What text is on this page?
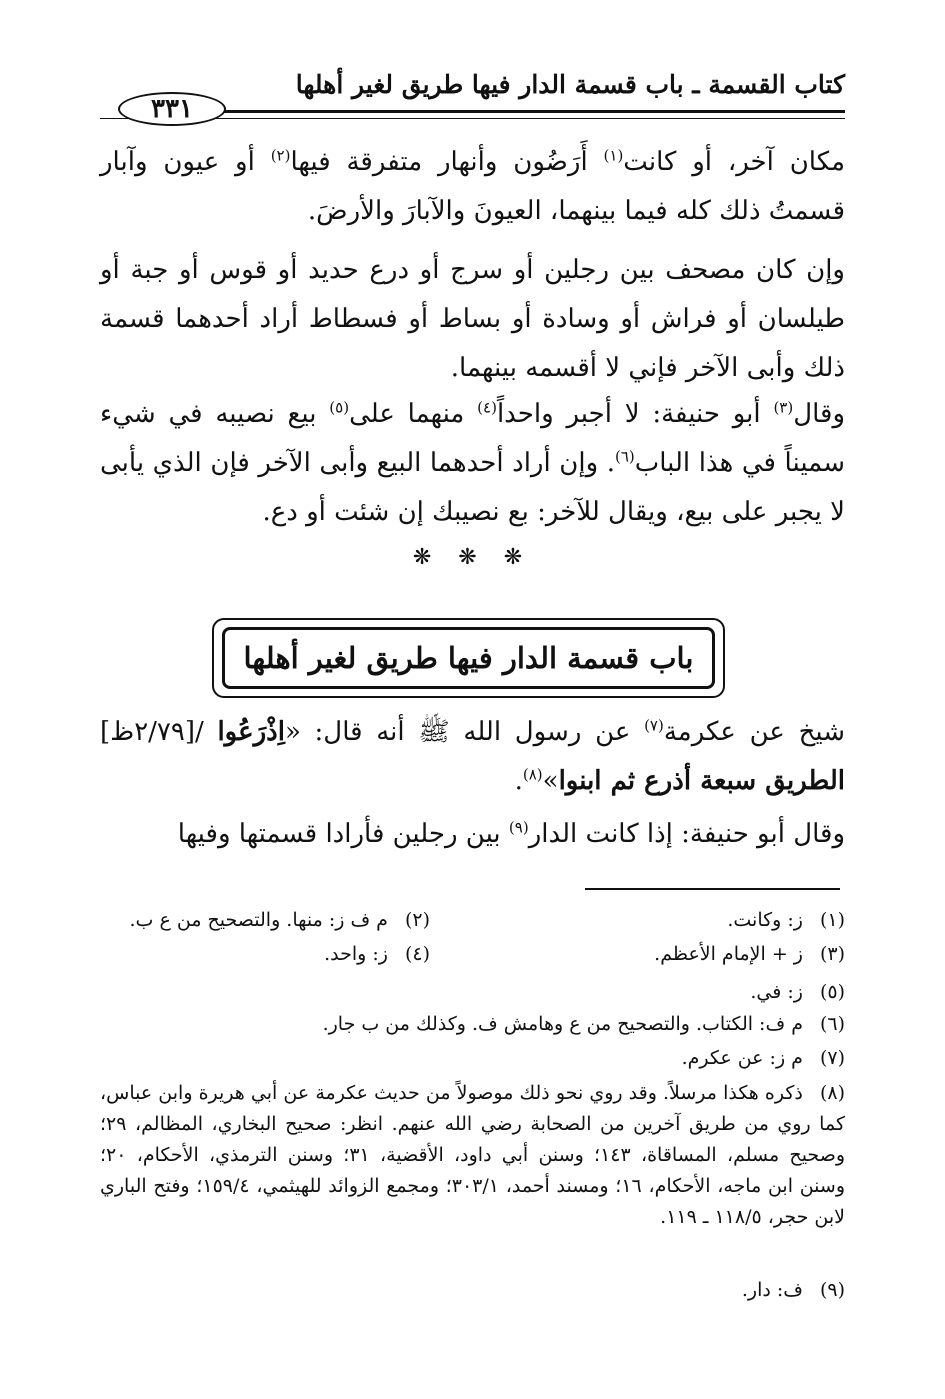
كتاب القسمة ـ باب قسمة الدار فيها طريق لغير أهلها
٣٣١
مكان آخر، أو كانت$^{(١)}$ أَرَضُون وأنهار متفرقة فيها$^{(٢)}$ أو عيون وآبار قسمتُ ذلك كله فيما بينهما، العيونَ والآبارَ والأرضَ.
وإن كان مصحف بين رجلين أو سرج أو درع حديد أو قوس أو جبة أو طيلسان أو فراش أو وسادة أو بساط أو فسطاط أراد أحدهما قسمة ذلك وأبى الآخر فإني لا أقسمه بينهما.
وقال$^{(٣)}$ أبو حنيفة: لا أجبر واحداً$^{(٤)}$ منهما على$^{(٥)}$ بيع نصيبه في شيء سميناً في هذا الباب$^{(٦)}$. وإن أراد أحدهما البيع وأبى الآخر فإن الذي يأبى لا يجبر على بيع، ويقال للآخر: بع نصيبك إن شئت أو دع.
❋ ❋ ❋
باب قسمة الدار فيها طريق لغير أهلها
شيخ عن عكرمة$^{(٧)}$ عن رسول الله ﷺ أنه قال: «اِذْرَعُوا /[٢/٧٩ظ] الطريق سبعة أذرع ثم ابنوا»$^{(٨)}$.
وقال أبو حنيفة: إذا كانت الدار$^{(٩)}$ بين رجلين فأرادا قسمتها وفيها
(١) ز: وكانت.
(٢) م ف ز: منها. والتصحيح من ع ب.
(٣) ز + الإمام الأعظم.
(٤) ز: واحد.
(٥) ز: في.
(٦) م ف: الكتاب. والتصحيح من ع وهامش ف. وكذلك من ب جار.
(٧) م ز: عن عكرم.
(٨) ذكره هكذا مرسلاً. وقد روي نحو ذلك موصولاً من حديث عكرمة عن أبي هريرة وابن عباس، كما روي من طريق آخرين من الصحابة رضي الله عنهم. انظر: صحيح البخاري، المظالم، ٢٩؛ وصحيح مسلم، المساقاة، ١٤٣؛ وسنن أبي داود، الأقضية، ٣١؛ وسنن الترمذي، الأحكام، ٢٠؛ وسنن ابن ماجه، الأحكام، ١٦؛ ومسند أحمد، ٣٠٣/١؛ ومجمع الزوائد للهيثمي، ١٥٩/٤؛ وفتح الباري لابن حجر، ١١٨/٥ ـ ١١٩.
(٩) ف: دار.
